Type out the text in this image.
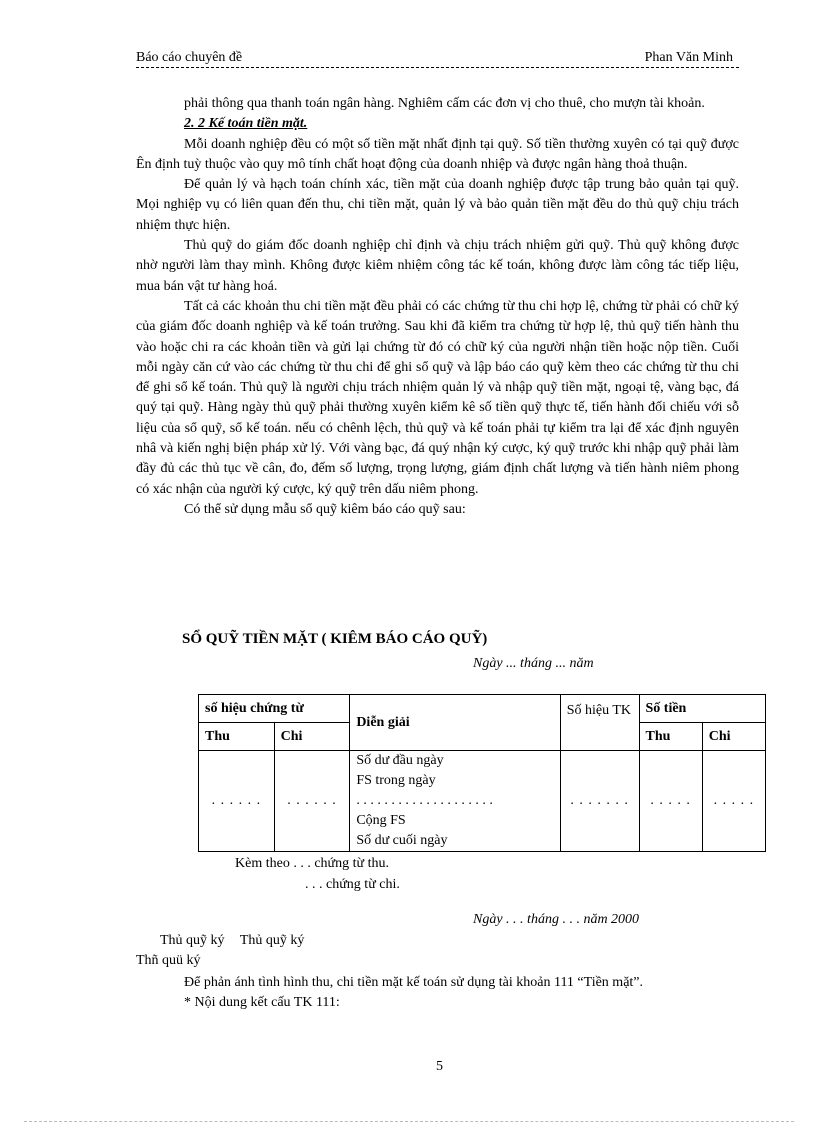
Báo cáo chuyên đề	Phan Văn Minh

phải thông qua thanh toán ngân hàng. Nghiêm cấm các đơn vị cho thuê, cho mượn tài khoản.

2. 2 Kế toán tiền mặt.

Mỗi doanh nghiệp đều có một số tiền mặt nhất định tại quỹ. Số tiền thường xuyên có tại quỹ được Ên định tuỳ thuộc vào quy mô tính chất hoạt động của doanh nhiệp và được ngân hàng thoả thuận.

Để quản lý và hạch toán chính xác, tiền mặt của doanh nghiệp được tập trung bảo quản tại quỹ. Mọi nghiệp vụ có liên quan đến thu, chi tiền mặt, quản lý và bảo quản tiền mặt đều do thủ quỹ chịu trách nhiệm thực hiện.

Thủ quỹ do giám đốc doanh nghiệp chỉ định và chịu trách nhiệm gửi quỹ. Thủ quỹ không được nhờ người làm thay mình. Không được kiêm nhiệm công tác kế toán, không được làm công tác tiếp liệu, mua bán vật tư hàng hoá.

Tất cả các khoản thu chi tiền mặt đều phải có các chứng từ thu chi hợp lệ, chứng từ phải có chữ ký của giám đốc doanh nghiệp và kế toán trưởng. Sau khi đã kiểm tra chứng từ hợp lệ, thủ quỹ tiến hành thu vào hoặc chi ra các khoản tiền và gửi lại chứng từ đó có chữ ký của người nhận tiền hoặc nộp tiền. Cuối mỗi ngày căn cứ vào các chứng từ thu chi để ghi sổ quỹ và lập báo cáo quỹ kèm theo các chứng từ thu chi để ghi sổ kế toán. Thủ quỹ là người chịu trách nhiệm quản lý và nhập quỹ tiền mặt, ngoại tệ, vàng bạc, đá quý tại quỹ. Hàng ngày thủ quỹ phải thường xuyên kiểm kê số tiền quỹ thực tế, tiến hành đối chiếu với sỗ liệu của sổ quỹ, sổ kế toán. nếu có chênh lệch, thủ quỹ và kế toán phải tự kiểm tra lại để xác định nguyên nhâ và kiến nghị biện pháp xử lý. Với vàng bạc, đá quý nhận ký cược, ký quỹ trước khi nhập quỹ phải làm đầy đủ các thủ tục về cân, đo, đếm số lượng, trọng lượng, giám định chất lượng và tiến hành niêm phong có xác nhận của người ký cược, ký quỹ trên dấu niêm phong.

Có thể sử dụng mẫu sổ quỹ kiêm báo cáo quỹ sau:

SỔ QUỸ TIỀN MẶT ( KIÊM BÁO CÁO QUỸ)
Ngày ... tháng ... năm
số hiệu chứng từ		Diễn giải	Số hiệu TK	Số tiền	
Thu	Chi			Thu	Chi
. . . . . .	. . . . . .	Số dư đầu ngày
FS trong ngày
. . . . . . . . . . . . . . . . . . . .
Cộng FS
Số dư cuối ngày	. . . . . . .	. . . . .	. . . . .
Kèm theo . . . chứng từ thu.
. . . chứng từ chi.
Ngày . . . tháng . . . năm 2000
Thủ quỹ ký Thủ quỹ ký
Thñ quü ký

Để phản ánh tình hình thu, chi tiền mặt kế toán sử dụng tài khoản 111 “Tiền mặt”.

* Nội dung kết cấu TK 111:

5
